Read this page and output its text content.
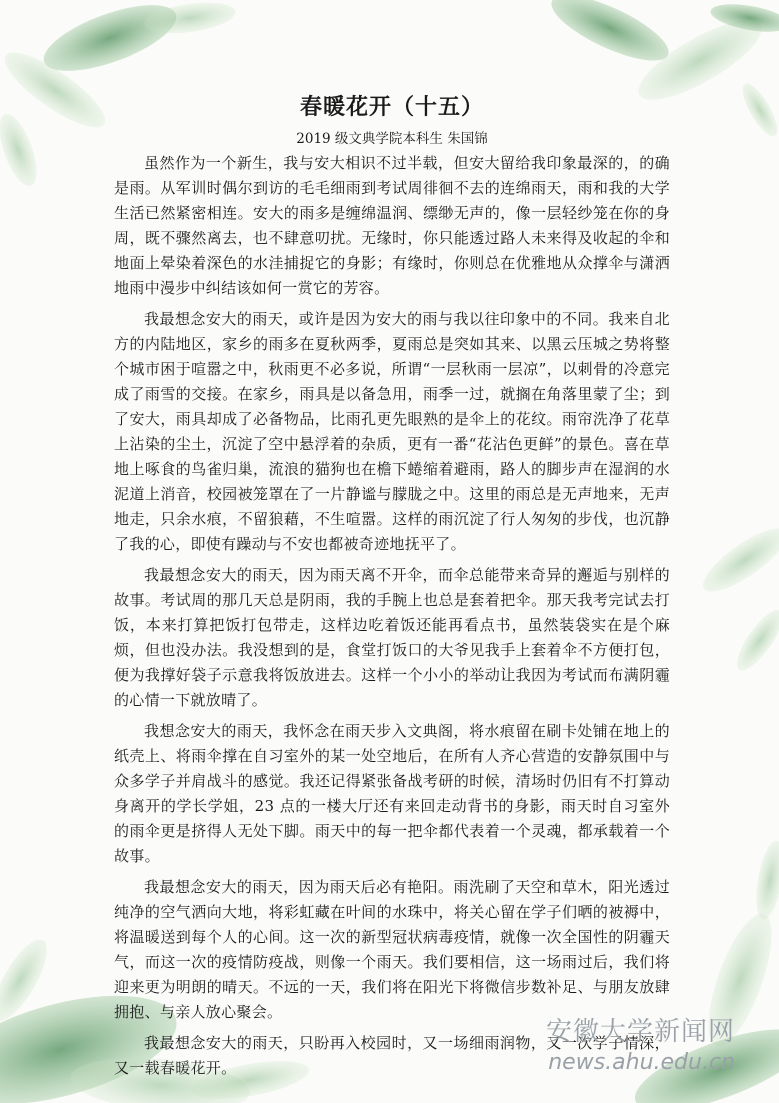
春暖花开（十五）

2019 级文典学院本科生 朱国锦

虽然作为一个新生，我与安大相识不过半载，但安大留给我印象最深的，的确是雨。从军训时偶尔到访的毛毛细雨到考试周徘徊不去的连绵雨天，雨和我的大学生活已然紧密相连。安大的雨多是缠绵温润、缥缈无声的，像一层轻纱笼在你的身周，既不骤然离去，也不肆意叨扰。无缘时，你只能透过路人未来得及收起的伞和地面上晕染着深色的水洼捕捉它的身影；有缘时，你则总在优雅地从众撑伞与潇洒地雨中漫步中纠结该如何一赏它的芳容。

我最想念安大的雨天，或许是因为安大的雨与我以往印象中的不同。我来自北方的内陆地区，家乡的雨多在夏秋两季，夏雨总是突如其来、以黑云压城之势将整个城市困于喧嚣之中，秋雨更不必多说，所谓“一层秋雨一层凉”，以刺骨的冷意完成了雨雪的交接。在家乡，雨具是以备急用，雨季一过，就搁在角落里蒙了尘；到了安大，雨具却成了必备物品，比雨孔更先眼熟的是伞上的花纹。雨帘洗净了花草上沾染的尘土，沉淀了空中悬浮着的杂质，更有一番“花沾色更鲜”的景色。喜在草地上啄食的鸟雀归巢，流浪的猫狗也在檐下蜷缩着避雨，路人的脚步声在湿润的水泥道上消音，校园被笼罩在了一片静谧与朦胧之中。这里的雨总是无声地来，无声地走，只余水痕，不留狼藉，不生喧嚣。这样的雨沉淀了行人匆匆的步伐，也沉静了我的心，即使有躁动与不安也都被奇迹地抚平了。

我最想念安大的雨天，因为雨天离不开伞，而伞总能带来奇异的邂逅与别样的故事。考试周的那几天总是阴雨，我的手腕上也总是套着把伞。那天我考完试去打饭，本来打算把饭打包带走，这样边吃着饭还能再看点书，虽然装袋实在是个麻烦，但也没办法。我没想到的是，食堂打饭口的大爷见我手上套着伞不方便打包，便为我撑好袋子示意我将饭放进去。这样一个小小的举动让我因为考试而布满阴霾的心情一下就放晴了。

我想念安大的雨天，我怀念在雨天步入文典阁，将水痕留在刷卡处铺在地上的纸壳上、将雨伞撑在自习室外的某一处空地后，在所有人齐心营造的安静氛围中与众多学子并肩战斗的感觉。我还记得紧张备战考研的时候，清场时仍旧有不打算动身离开的学长学姐，23 点的一楼大厅还有来回走动背书的身影，雨天时自习室外的雨伞更是挤得人无处下脚。雨天中的每一把伞都代表着一个灵魂，都承载着一个故事。

我最想念安大的雨天，因为雨天后必有艳阳。雨洗刷了天空和草木，阳光透过纯净的空气洒向大地，将彩虹藏在叶间的水珠中，将关心留在学子们晒的被褥中，将温暖送到每个人的心间。这一次的新型冠状病毒疫情，就像一次全国性的阴霾天气，而这一次的疫情防疫战，则像一个雨天。我们要相信，这一场雨过后，我们将迎来更为明朗的晴天。不远的一天，我们将在阳光下将微信步数补足、与朋友放肆拥抱、与亲人放心聚会。

我最想念安大的雨天，只盼再入校园时，又一场细雨润物，又一次学子情深，又一载春暖花开。

安徽大学新闻网
news.ahu.edu.cn
